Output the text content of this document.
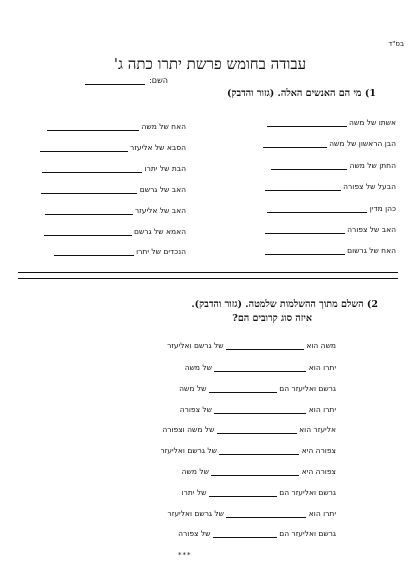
בס"ד
עבודה בחומש פרשת יתרו כתה ג'
השם:
1) מי הם האנשים האלה. (גזור והדבק)
אשתו של משה
הבן הראשון של משה
החתן של משה
הבעל של צפורה
כהן מדין
האב של צפורה
האח של גרשום
האח של משה
הסבא של אליעזר
הבת של יתרו
האב של גרשם
האב של אליעזר
האמא של גרשם
הנכדים של יתרו
2) השלם מתוך ההשלמות שלמטה. (גזור והדבק).
איזה סוג קרובים הם?
משה הוא  של גרשם ואליעזר
יתרו הוא  של משה
גרשם ואליעזר הם  של משה
יתרו הוא  של צפורה
אליעזר הוא  של משה וצפורה
צפורה היא  של גרשם ואליעזר
צפורה היא  של משה
גרשם ואליעזר הם  של יתרו
יתרו הוא  של גרשם ואליעזר
גרשם ואליעזר הם  של צפורה
***
